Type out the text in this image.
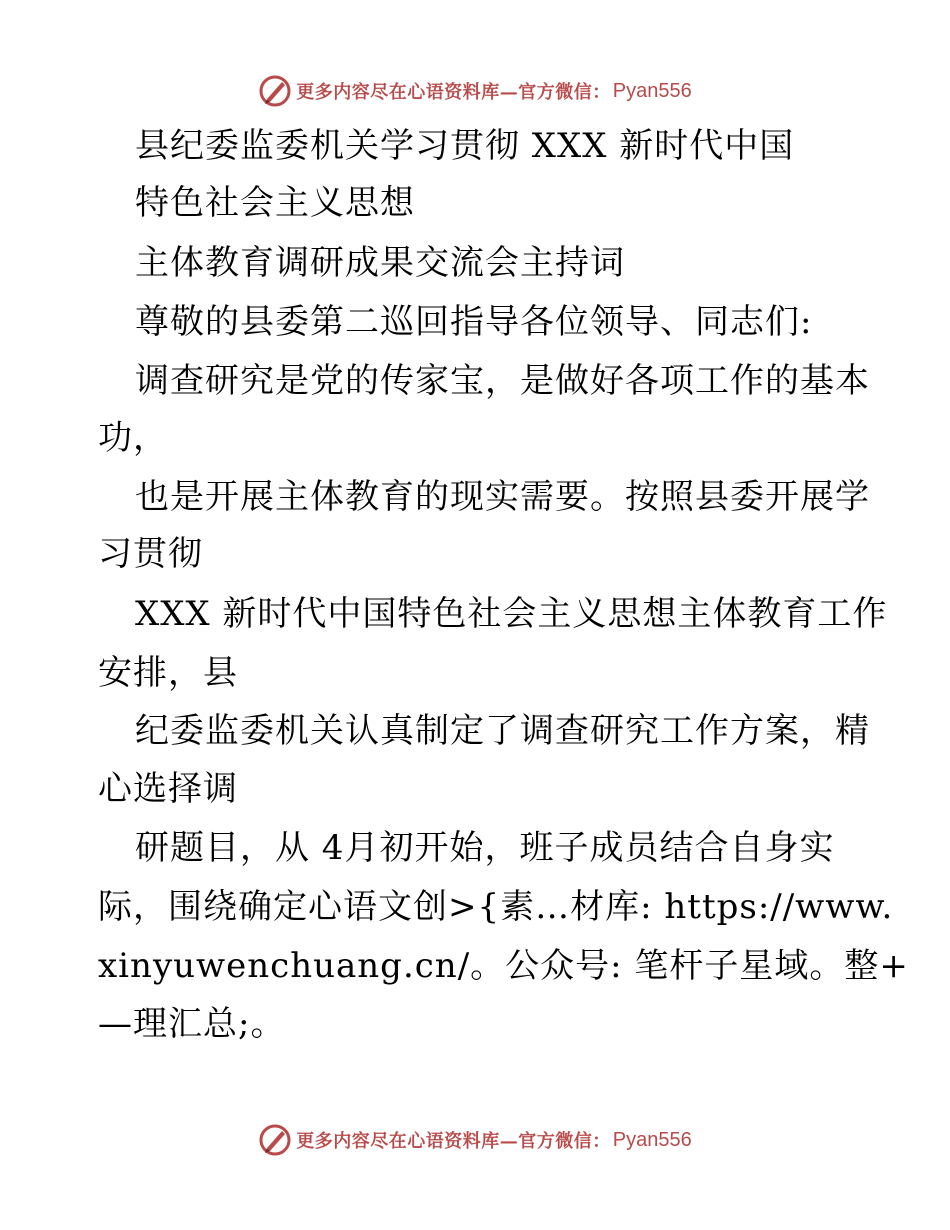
更多内容尽在心语资料库—官方微信： Pyan556

县纪委监委机关学习贯彻 XXX 新时代中国

特色社会主义思想

主体教育调研成果交流会主持词

尊敬的县委第二巡回指导各位领导、同志们:

调查研究是党的传家宝，是做好各项工作的基本

功，

也是开展主体教育的现实需要。按照县委开展学

习贯彻

XXX 新时代中国特色社会主义思想主体教育工作

安排，县

纪委监委机关认真制定了调查研究工作方案，精

心选择调

研题目，从 4月初开始，班子成员结合自身实

际，围绕确定心语文创>{素…材库: https://www.

xinyuwenchuang.cn/。公众号: 笔杆子星域。整+

—理汇总;。

更多内容尽在心语资料库—官方微信： Pyan556
